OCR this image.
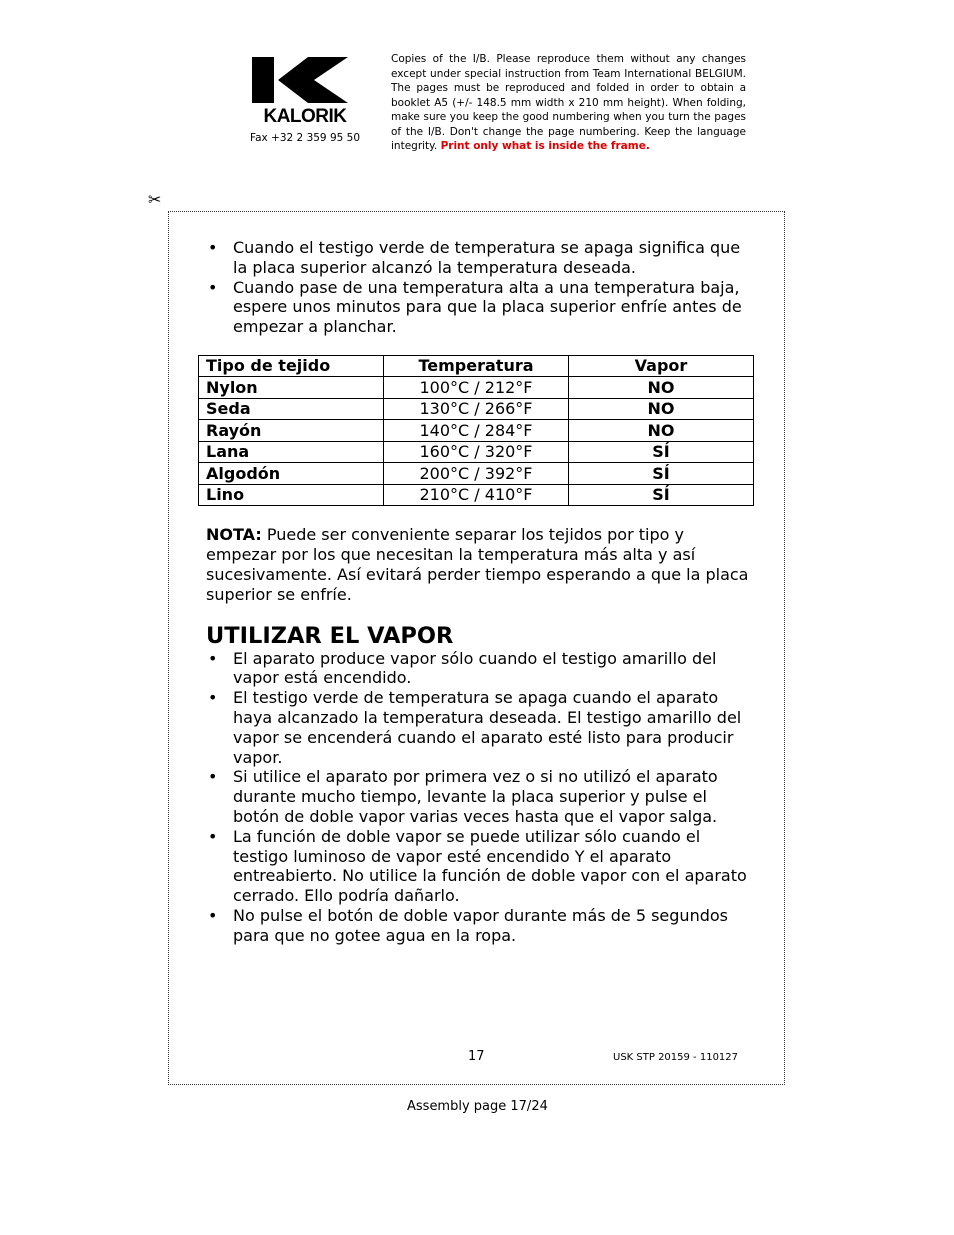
KALORIK
Fax +32 2 359 95 50
Copies of the I/B. Please reproduce them without any changes except under special instruction from Team International BELGIUM. The pages must be reproduced and folded in order to obtain a booklet A5 (+/- 148.5 mm width x 210 mm height). When folding, make sure you keep the good numbering when you turn the pages of the I/B. Don't change the page numbering. Keep the language integrity. Print only what is inside the frame.
✂
• Cuando el testigo verde de temperatura se apaga significa que la placa superior alcanzó la temperatura deseada.
• Cuando pase de una temperatura alta a una temperatura baja, espere unos minutos para que la placa superior enfríe antes de empezar a planchar.
Tipo de tejido	Temperatura	Vapor
Nylon	100°C / 212°F	NO
Seda	130°C / 266°F	NO
Rayón	140°C / 284°F	NO
Lana	160°C / 320°F	SÍ
Algodón	200°C / 392°F	SÍ
Lino	210°C / 410°F	SÍ

NOTA: Puede ser conveniente separar los tejidos por tipo y empezar por los que necesitan la temperatura más alta y así sucesivamente. Así evitará perder tiempo esperando a que la placa superior se enfríe.

UTILIZAR EL VAPOR
• El aparato produce vapor sólo cuando el testigo amarillo del vapor está encendido.
• El testigo verde de temperatura se apaga cuando el aparato haya alcanzado la temperatura deseada. El testigo amarillo del vapor se encenderá cuando el aparato esté listo para producir vapor.
• Si utilice el aparato por primera vez o si no utilizó el aparato durante mucho tiempo, levante la placa superior y pulse el botón de doble vapor varias veces hasta que el vapor salga.
• La función de doble vapor se puede utilizar sólo cuando el testigo luminoso de vapor esté encendido Y el aparato entreabierto. No utilice la función de doble vapor con el aparato cerrado. Ello podría dañarlo.
• No pulse el botón de doble vapor durante más de 5 segundos para que no gotee agua en la ropa.
17	USK STP 20159 - 110127
Assembly page 17/24
